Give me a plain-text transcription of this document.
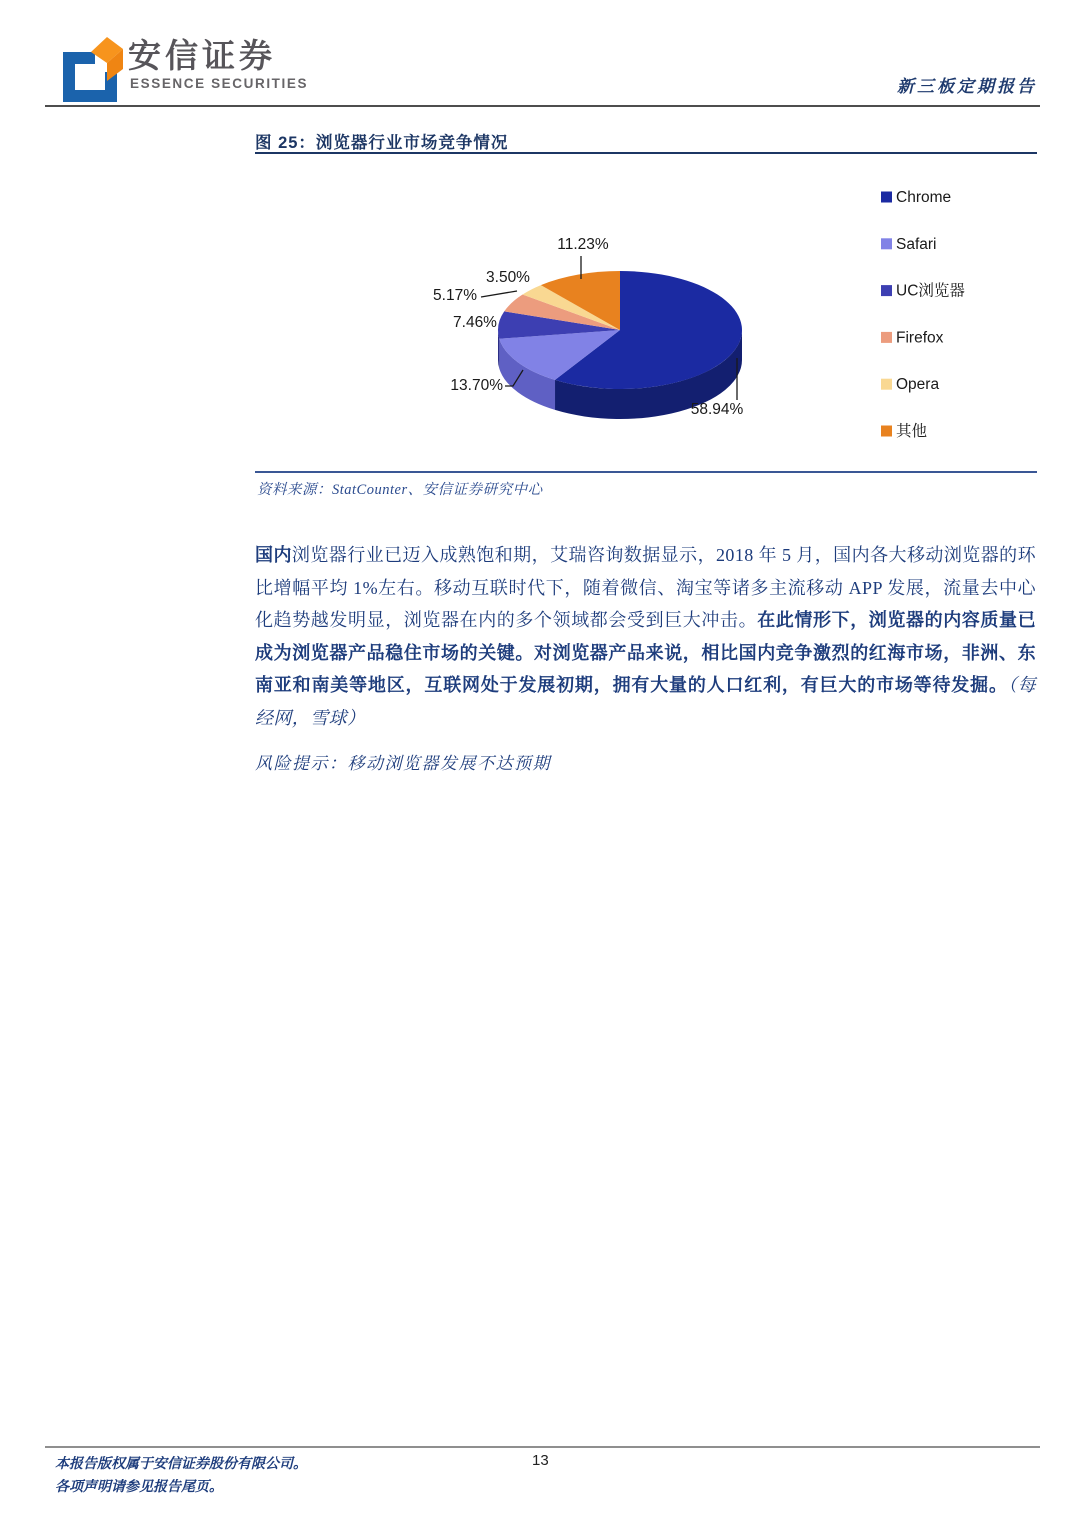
安信证券
ESSENCE SECURITIES	新三板定期报告
图 25：浏览器行业市场竞争情况
58.94%
13.70%
7.46%
5.17%
3.50%
11.23%
Chrome
Safari
UC浏览器
Firefox
Opera
其他
资料来源：StatCounter、安信证券研究中心
国内浏览器行业已迈入成熟饱和期，艾瑞咨询数据显示，2018 年 5 月，国内各大移动浏览器的环比增幅平均 1%左右。移动互联时代下，随着微信、淘宝等诸多主流移动 APP 发展，流量去中心化趋势越发明显，浏览器在内的多个领域都会受到巨大冲击。在此情形下，浏览器的内容质量已成为浏览器产品稳住市场的关键。对浏览器产品来说，相比国内竞争激烈的红海市场，非洲、东南亚和南美等地区，互联网处于发展初期，拥有大量的人口红利，有巨大的市场等待发掘。（每经网，雪球）
风险提示：移动浏览器发展不达预期
本报告版权属于安信证券股份有限公司。
各项声明请参见报告尾页。
13
